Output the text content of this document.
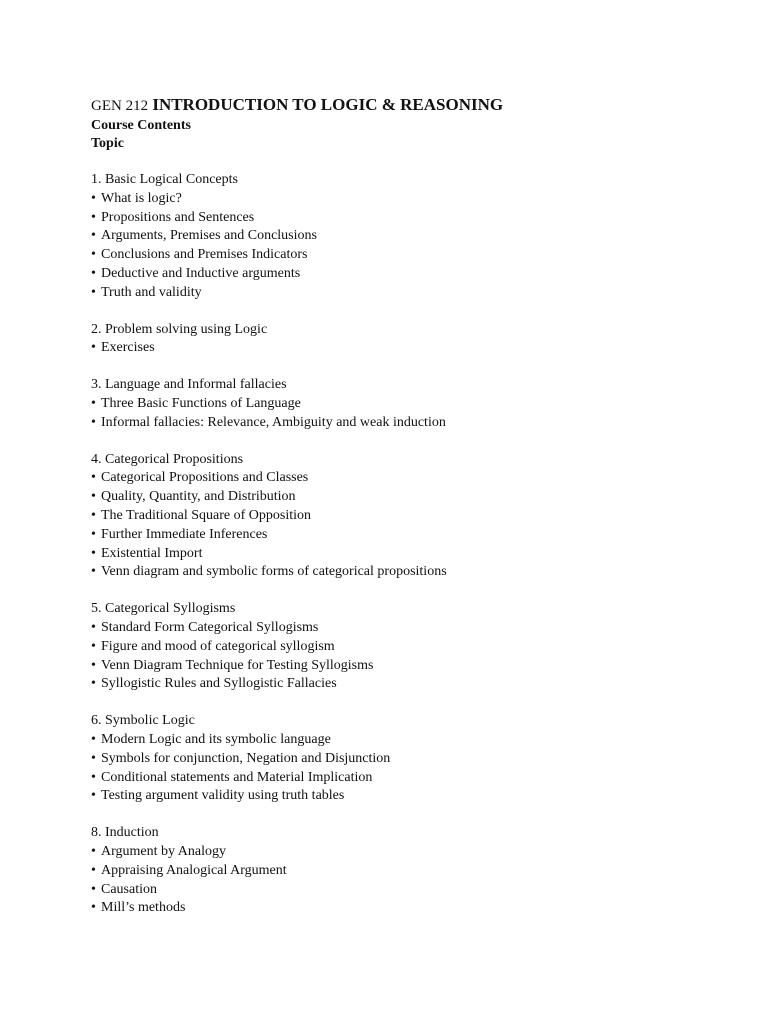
GEN 212 INTRODUCTION TO LOGIC & REASONING

Course Contents

Topic

1. Basic Logical Concepts

• What is logic?
• Propositions and Sentences
• Arguments, Premises and Conclusions
• Conclusions and Premises Indicators
• Deductive and Inductive arguments
• Truth and validity

2. Problem solving using Logic

• Exercises

3. Language and Informal fallacies

• Three Basic Functions of Language
• Informal fallacies: Relevance, Ambiguity and weak induction

4. Categorical Propositions

• Categorical Propositions and Classes
• Quality, Quantity, and Distribution
• The Traditional Square of Opposition
• Further Immediate Inferences
• Existential Import
• Venn diagram and symbolic forms of categorical propositions

5. Categorical Syllogisms

• Standard Form Categorical Syllogisms
• Figure and mood of categorical syllogism
• Venn Diagram Technique for Testing Syllogisms
• Syllogistic Rules and Syllogistic Fallacies

6. Symbolic Logic

• Modern Logic and its symbolic language
• Symbols for conjunction, Negation and Disjunction
• Conditional statements and Material Implication
• Testing argument validity using truth tables

8. Induction

• Argument by Analogy
• Appraising Analogical Argument
• Causation
• Mill’s methods
